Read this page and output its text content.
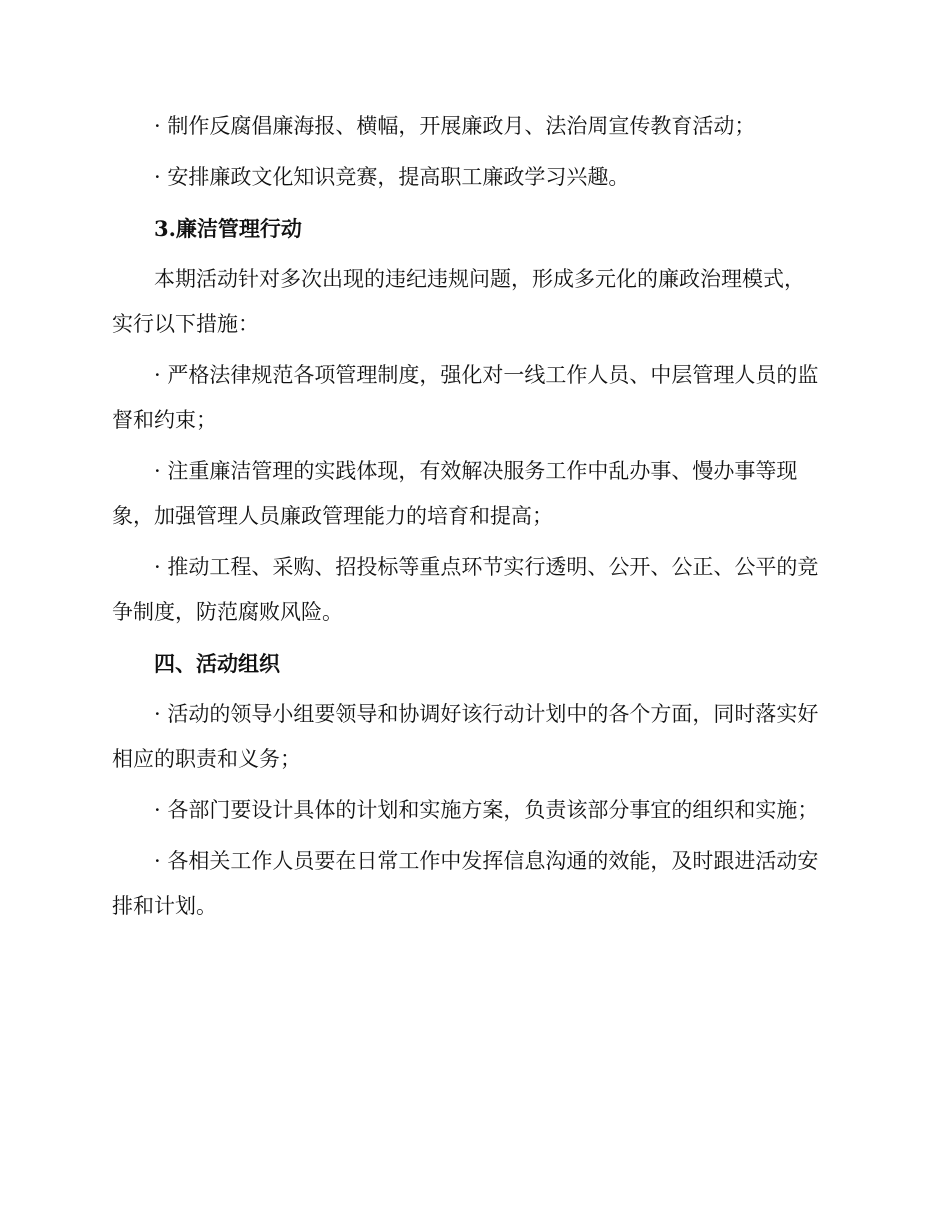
· 制作反腐倡廉海报、横幅，开展廉政月、法治周宣传教育活动；

· 安排廉政文化知识竞赛，提高职工廉政学习兴趣。

3.廉洁管理行动

本期活动针对多次出现的违纪违规问题，形成多元化的廉政治理模式，实行以下措施：

· 严格法律规范各项管理制度，强化对一线工作人员、中层管理人员的监督和约束；

· 注重廉洁管理的实践体现，有效解决服务工作中乱办事、慢办事等现象，加强管理人员廉政管理能力的培育和提高；

· 推动工程、采购、招投标等重点环节实行透明、公开、公正、公平的竞争制度，防范腐败风险。

四、活动组织

· 活动的领导小组要领导和协调好该行动计划中的各个方面，同时落实好相应的职责和义务；

· 各部门要设计具体的计划和实施方案，负责该部分事宜的组织和实施；

· 各相关工作人员要在日常工作中发挥信息沟通的效能，及时跟进活动安排和计划。
